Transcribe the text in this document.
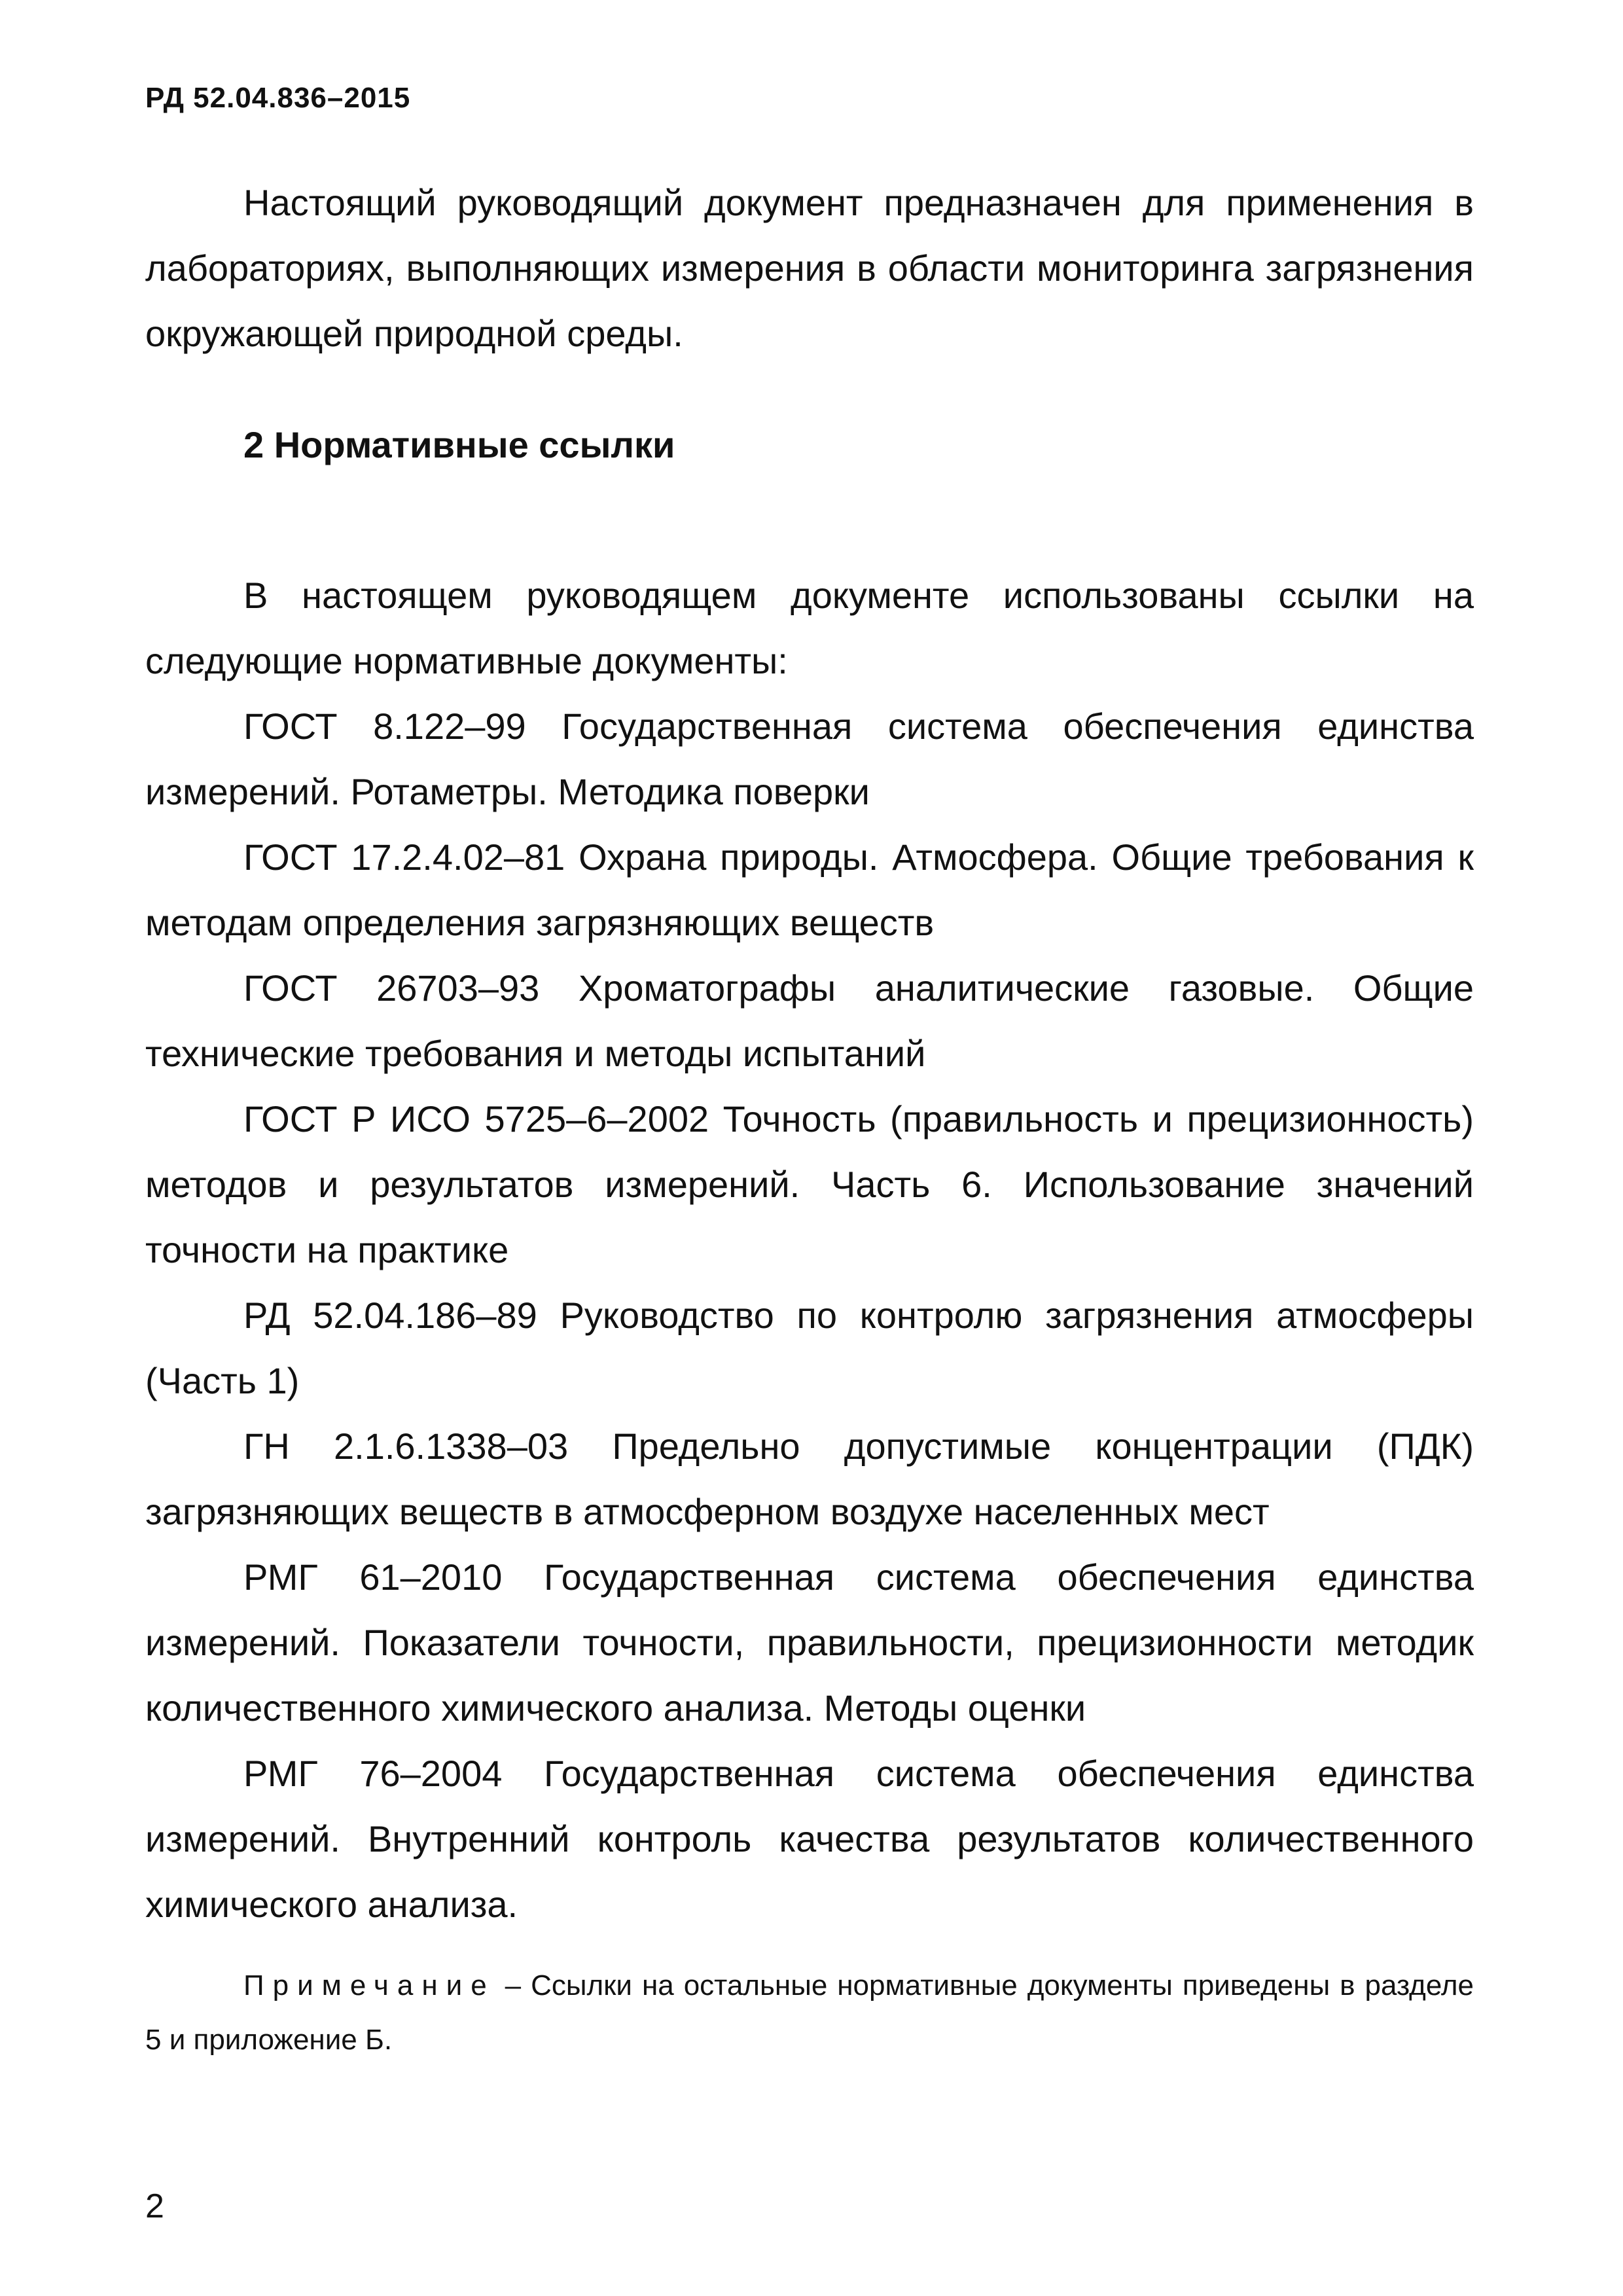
РД 52.04.836–2015

Настоящий руководящий документ предназначен для применения в лабораториях, выполняющих измерения в области мониторинга загрязнения окружающей природной среды.

2 Нормативные ссылки

В настоящем руководящем документе использованы ссылки на следующие нормативные документы:

ГОСТ 8.122–99 Государственная система обеспечения единства измерений. Ротаметры. Методика поверки

ГОСТ 17.2.4.02–81 Охрана природы. Атмосфера. Общие требования к методам определения загрязняющих веществ

ГОСТ 26703–93 Хроматографы аналитические газовые. Общие технические требования и методы испытаний

ГОСТ Р ИСО 5725–6–2002 Точность (правильность и прецизионность) методов и результатов измерений. Часть 6. Использование значений точности на практике

РД 52.04.186–89 Руководство по контролю загрязнения атмосферы (Часть 1)

ГН 2.1.6.1338–03 Предельно допустимые концентрации (ПДК) загрязняющих веществ в атмосферном воздухе населенных мест

РМГ 61–2010 Государственная система обеспечения единства измерений. Показатели точности, правильности, прецизионности методик количественного химического анализа. Методы оценки

РМГ 76–2004 Государственная система обеспечения единства измерений. Внутренний контроль качества результатов количественного химического анализа.

Примечание – Ссылки на остальные нормативные документы приведены в разделе 5 и приложение Б.

2
